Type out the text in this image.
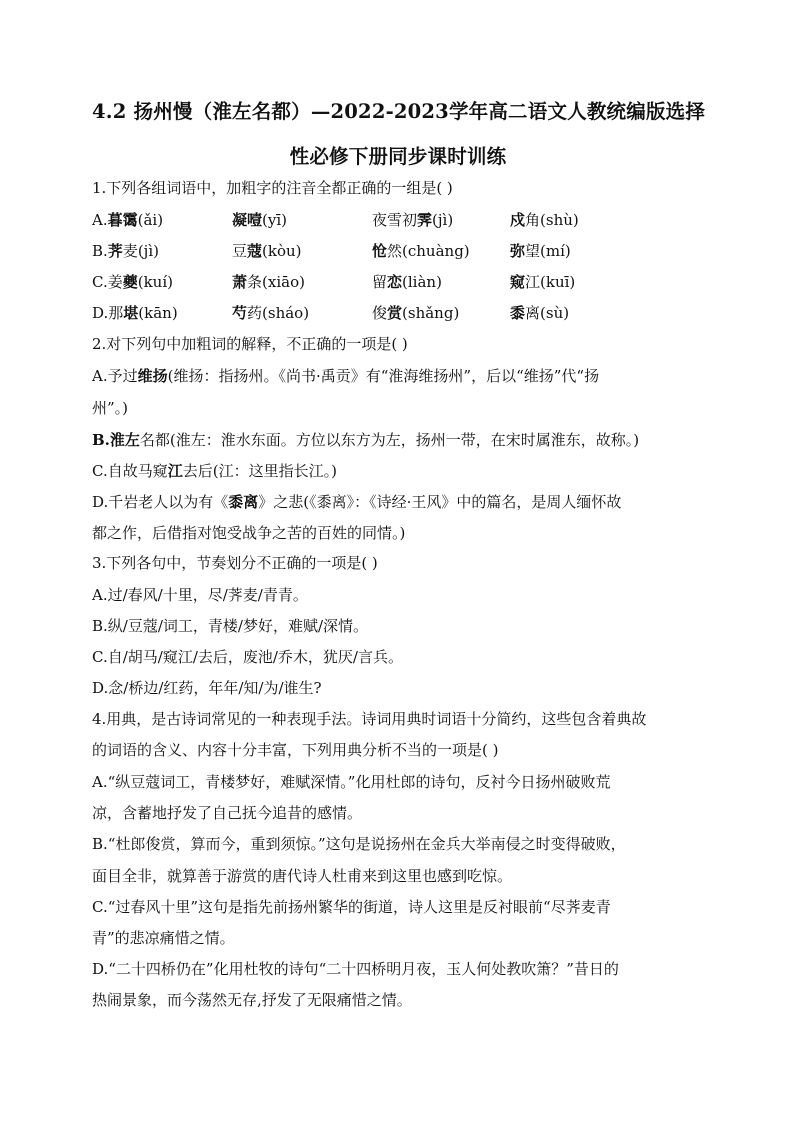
4.2 扬州慢（淮左名都）—2022-2023学年高二语文人教统编版选择
性必修下册同步课时训练
1.下列各组词语中，加粗字的注音全都正确的一组是( )
A.暮霭(ǎi)	凝噎(yī)	夜雪初霁(jì)	戍角(shù)
B.荠麦(jì)	豆蔻(kòu)	怆然(chuàng)	弥望(mí)
C.姜夔(kuí)	萧条(xiāo)	留恋(liàn)	窥江(kuī)
D.那堪(kān)	芍药(sháo)	俊赏(shǎng)	黍离(sù)
2.对下列句中加粗词的解释，不正确的一项是( )
A.予过维扬(维扬：指扬州。《尚书·禹贡》有“淮海维扬州”，后以“维扬”代“扬
州”。)
B.淮左名都(淮左：淮水东面。方位以东方为左，扬州一带，在宋时属淮东，故称。)
C.自故马窥江去后(江：这里指长江。)
D.千岩老人以为有《黍离》之悲(《黍离》：《诗经·王风》中的篇名，是周人缅怀故
都之作，后借指对饱受战争之苦的百姓的同情。)
3.下列各句中，节奏划分不正确的一项是( )
A.过/春风/十里，尽/荠麦/青青。
B.纵/豆蔻/词工，青楼/梦好，难赋/深情。
C.自/胡马/窥江/去后，废池/乔木，犹厌/言兵。
D.念/桥边/红药，年年/知/为/谁生?
4.用典，是古诗词常见的一种表现手法。诗词用典时词语十分简约，这些包含着典故
的词语的含义、内容十分丰富，下列用典分析不当的一项是( )
A.“纵豆蔻词工，青楼梦好，难赋深情。”化用杜郎的诗句，反衬今日扬州破败荒
凉，含蓄地抒发了自己抚今追昔的感情。
B.“杜郎俊赏，算而今，重到须惊。”这句是说扬州在金兵大举南侵之时变得破败，
面目全非，就算善于游赏的唐代诗人杜甫来到这里也感到吃惊。
C.“过春风十里”这句是指先前扬州繁华的街道，诗人这里是反衬眼前“尽荠麦青
青”的悲凉痛惜之情。
D.“二十四桥仍在”化用杜牧的诗句“二十四桥明月夜，玉人何处教吹箫？”昔日的
热闹景象，而今荡然无存,抒发了无限痛惜之情。
